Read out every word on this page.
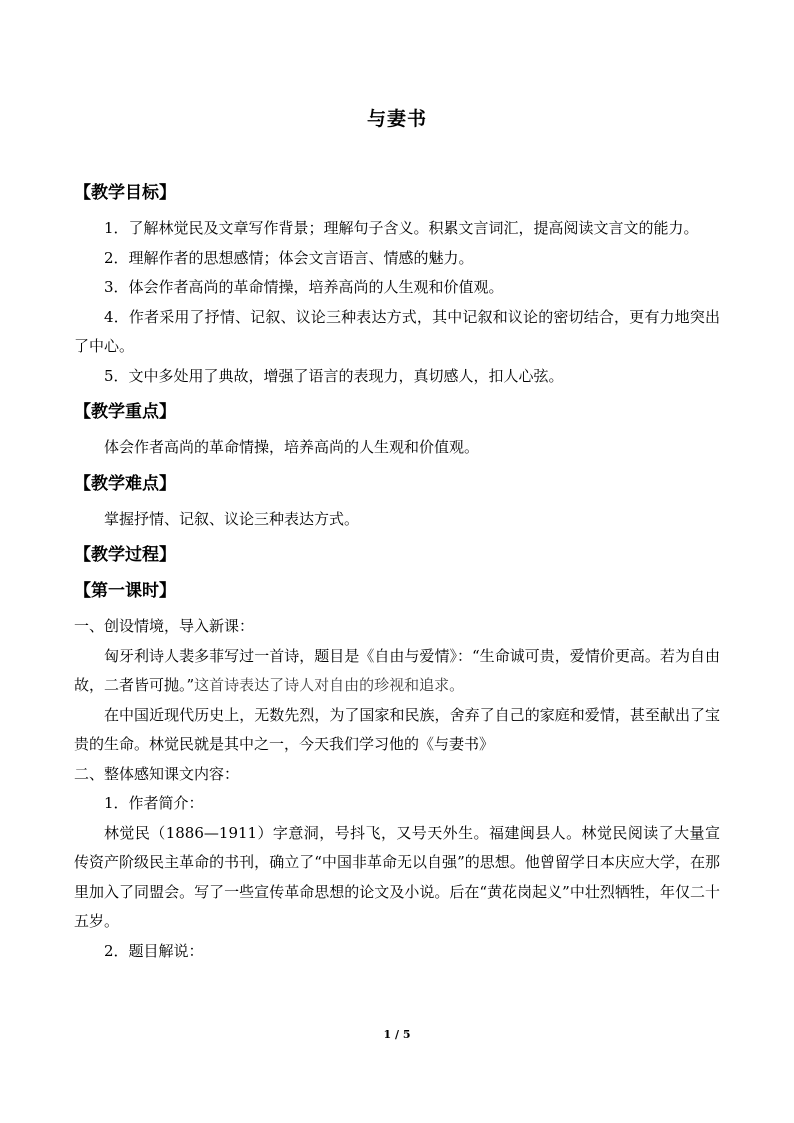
与妻书
【教学目标】

1．了解林觉民及文章写作背景；理解句子含义。积累文言词汇，提高阅读文言文的能力。

2．理解作者的思想感情；体会文言语言、情感的魅力。

3．体会作者高尚的革命情操，培养高尚的人生观和价值观。

4．作者采用了抒情、记叙、议论三种表达方式，其中记叙和议论的密切结合，更有力地突出了中心。

5．文中多处用了典故，增强了语言的表现力，真切感人，扣人心弦。

【教学重点】

体会作者高尚的革命情操，培养高尚的人生观和价值观。

【教学难点】

掌握抒情、记叙、议论三种表达方式。

【教学过程】
【第一课时】

一、创设情境，导入新课：

匈牙利诗人裴多菲写过一首诗，题目是《自由与爱情》：“生命诚可贵，爱情价更高。若为自由故，二者皆可抛。”这首诗表达了诗人对自由的珍视和追求。

在中国近现代历史上，无数先烈，为了国家和民族，舍弃了自己的家庭和爱情，甚至献出了宝贵的生命。林觉民就是其中之一，今天我们学习他的《与妻书》

二、整体感知课文内容：

1．作者简介：

林觉民（1886—1911）字意洞，号抖飞，又号天外生。福建闽县人。林觉民阅读了大量宣传资产阶级民主革命的书刊，确立了“中国非革命无以自强”的思想。他曾留学日本庆应大学，在那里加入了同盟会。写了一些宣传革命思想的论文及小说。后在“黄花岗起义”中壮烈牺牲，年仅二十五岁。

2．题目解说：

1 / 5
